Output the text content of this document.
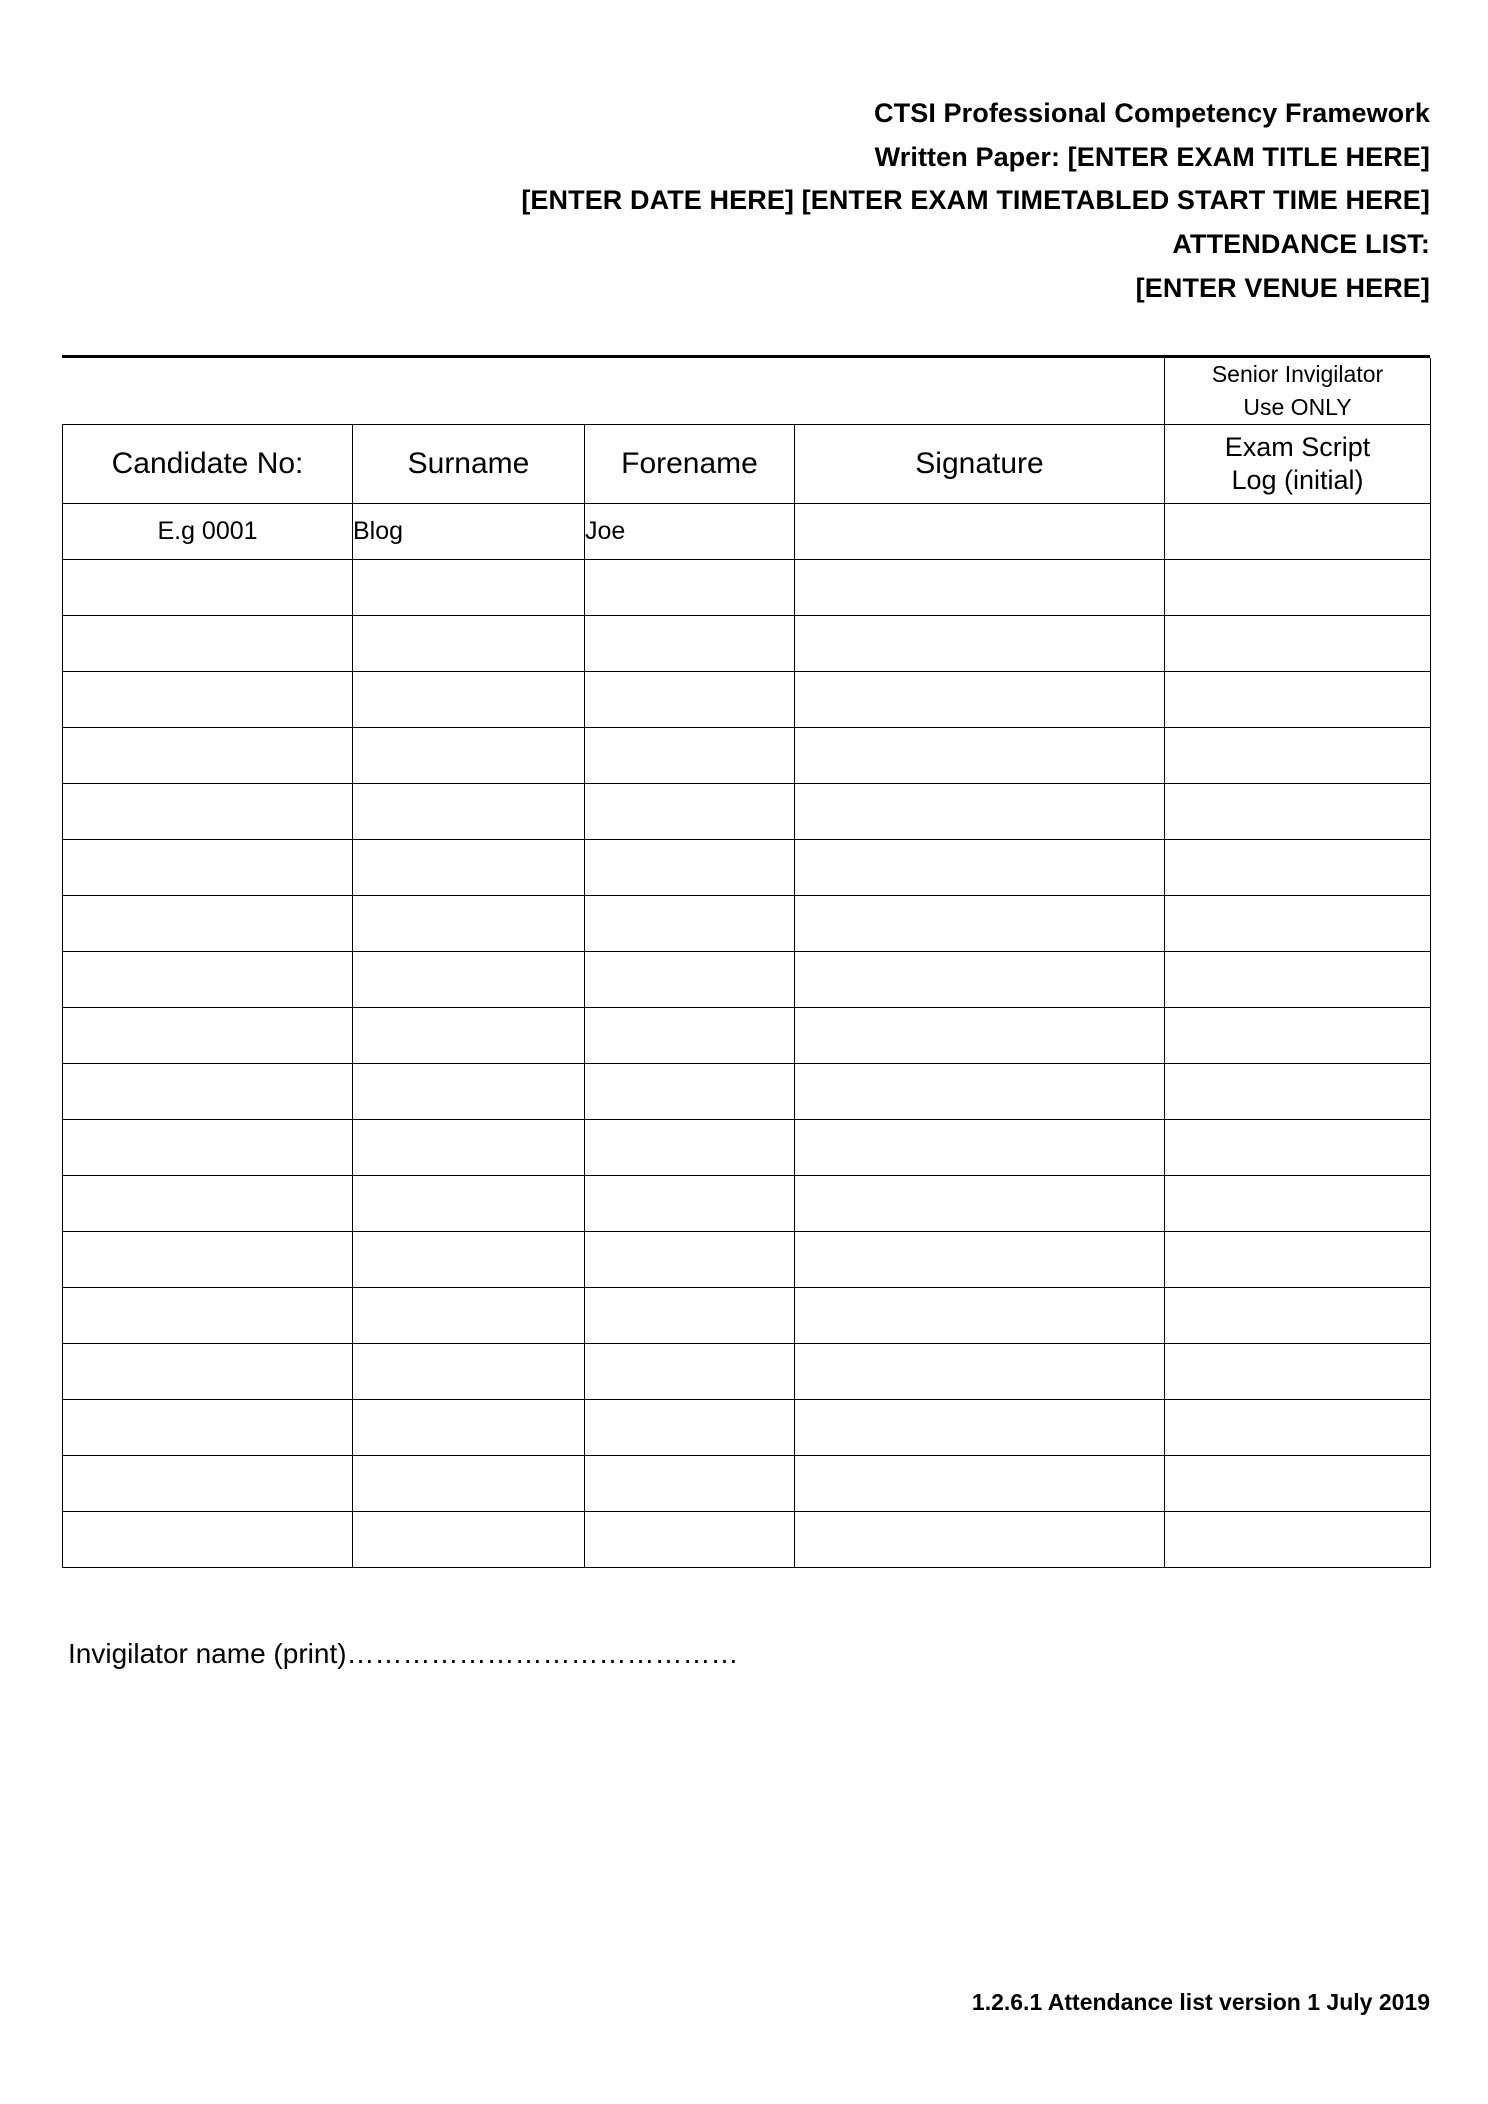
CTSI Professional Competency Framework
Written Paper: [ENTER EXAM TITLE HERE]
[ENTER DATE HERE] [ENTER EXAM TIMETABLED START TIME HERE]
ATTENDANCE LIST:
[ENTER VENUE HERE]
				Senior Invigilator
Use ONLY

Candidate No:	Surname	Forename	Signature	Exam Script
Log (initial)

E.g 0001	Blog	Joe		

Invigilator name (print)……………………………………
1.2.6.1 Attendance list version 1 July 2019
